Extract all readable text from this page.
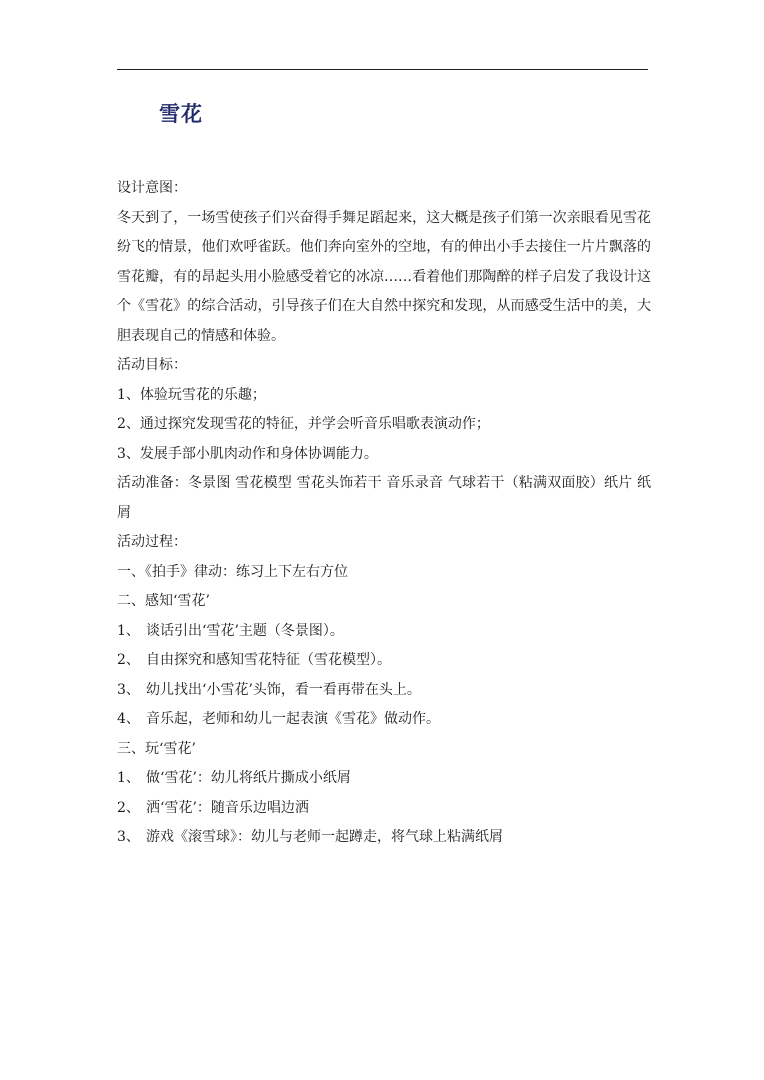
雪花
设计意图：
冬天到了，一场雪使孩子们兴奋得手舞足蹈起来，这大概是孩子们第一次亲眼看见雪花纷飞的情景，他们欢呼雀跃。他们奔向室外的空地，有的伸出小手去接住一片片飘落的雪花瓣，有的昂起头用小脸感受着它的冰凉……看着他们那陶醉的样子启发了我设计这个《雪花》的综合活动，引导孩子们在大自然中探究和发现，从而感受生活中的美，大胆表现自己的情感和体验。
活动目标：
1、体验玩雪花的乐趣；
2、通过探究发现雪花的特征，并学会听音乐唱歌表演动作；
3、发展手部小肌肉动作和身体协调能力。
活动准备：冬景图 雪花模型 雪花头饰若干 音乐录音 气球若干（粘满双面胶）纸片 纸屑
活动过程：
一、《拍手》律动：练习上下左右方位
二、感知‘雪花’
1、 谈话引出‘雪花’主题（冬景图）。
2、 自由探究和感知雪花特征（雪花模型）。
3、 幼儿找出‘小雪花’头饰，看一看再带在头上。
4、 音乐起，老师和幼儿一起表演《雪花》做动作。
三、玩‘雪花’
1、 做‘雪花’：幼儿将纸片撕成小纸屑
2、 洒‘雪花’：随音乐边唱边洒
3、 游戏《滚雪球》：幼儿与老师一起蹲走，将气球上粘满纸屑
